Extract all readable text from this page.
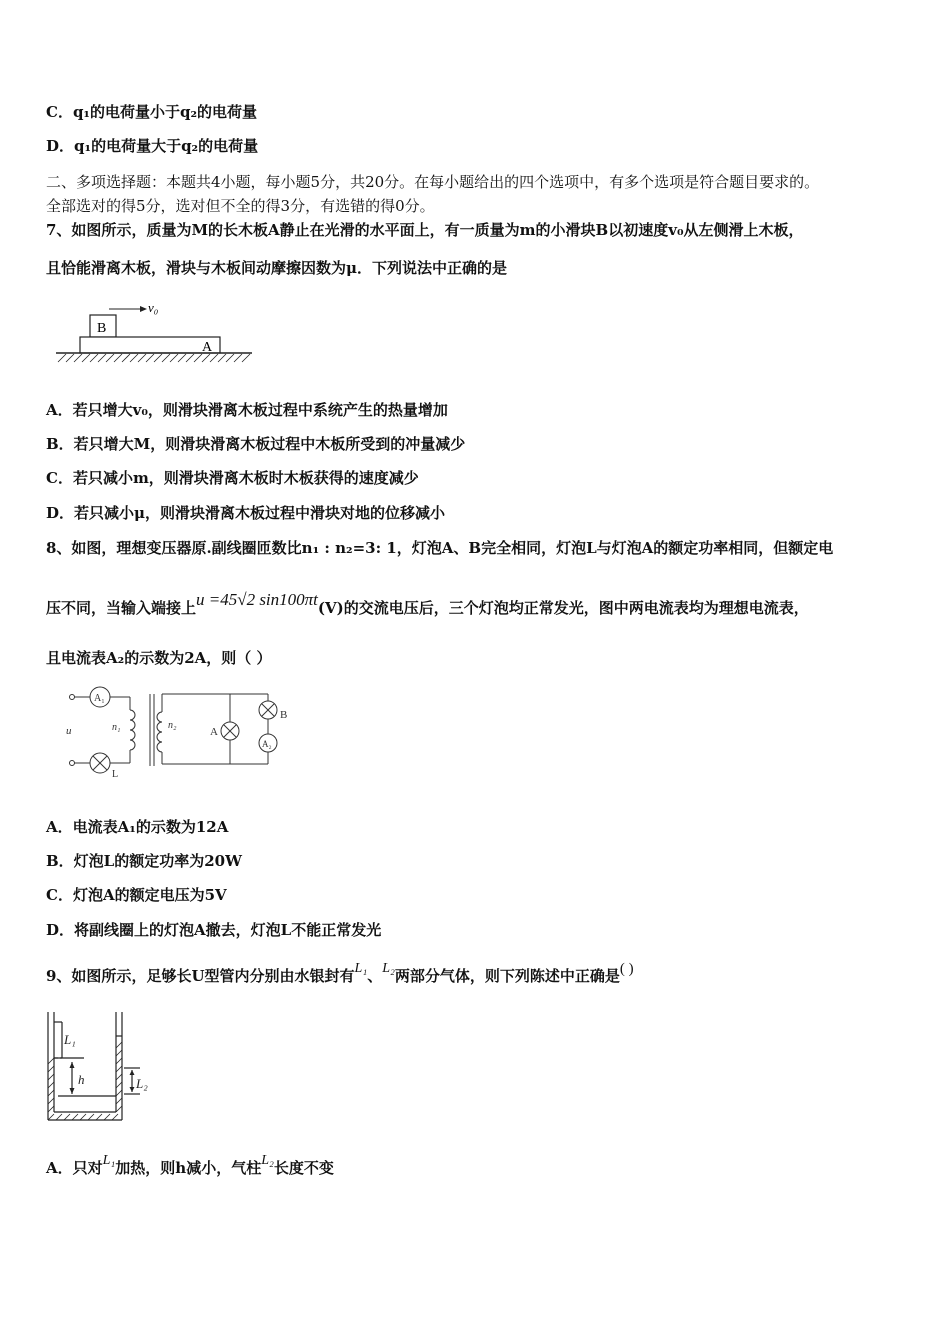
C．q₁的电荷量小于q₂的电荷量
D．q₁的电荷量大于q₂的电荷量
二、多项选择题：本题共4小题，每小题5分，共20分。在每小题给出的四个选项中，有多个选项是符合题目要求的。
全部选对的得5分，选对但不全的得3分，有选错的得0分。
7、如图所示，质量为M的长木板A静止在光滑的水平面上，有一质量为m的小滑块B以初速度v₀从左侧滑上木板，
且恰能滑离木板，滑块与木板间动摩擦因数为μ．下列说法中正确的是
v₀
B
A
A．若只增大v₀，则滑块滑离木板过程中系统产生的热量增加
B．若只增大M，则滑块滑离木板过程中木板所受到的冲量减少
C．若只减小m，则滑块滑离木板时木板获得的速度减少
D．若只减小μ，则滑块滑离木板过程中滑块对地的位移减小
8、如图，理想变压器原.副线圈匝数比n₁ : n₂=3: 1，灯泡A、B完全相同，灯泡L与灯泡A的额定功率相同，但额定电
压不同，当输入端接上u =45√2 sin100πt(V)的交流电压后，三个灯泡均正常发光，图中两电流表均为理想电流表，
且电流表A₂的示数为2A，则（ ）
u
A₁
n₁	n₂
A
B
A₂
L
A．电流表A₁的示数为12A
B．灯泡L的额定功率为20W
C．灯泡A的额定电压为5V
D．将副线圈上的灯泡A撤去，灯泡L不能正常发光
9、如图所示，足够长U型管内分别由水银封有L₁、L₂两部分气体，则下列陈述中正确是( )
L₁
h	L₂
A．只对L₁加热，则h减小，气柱L₂长度不变
